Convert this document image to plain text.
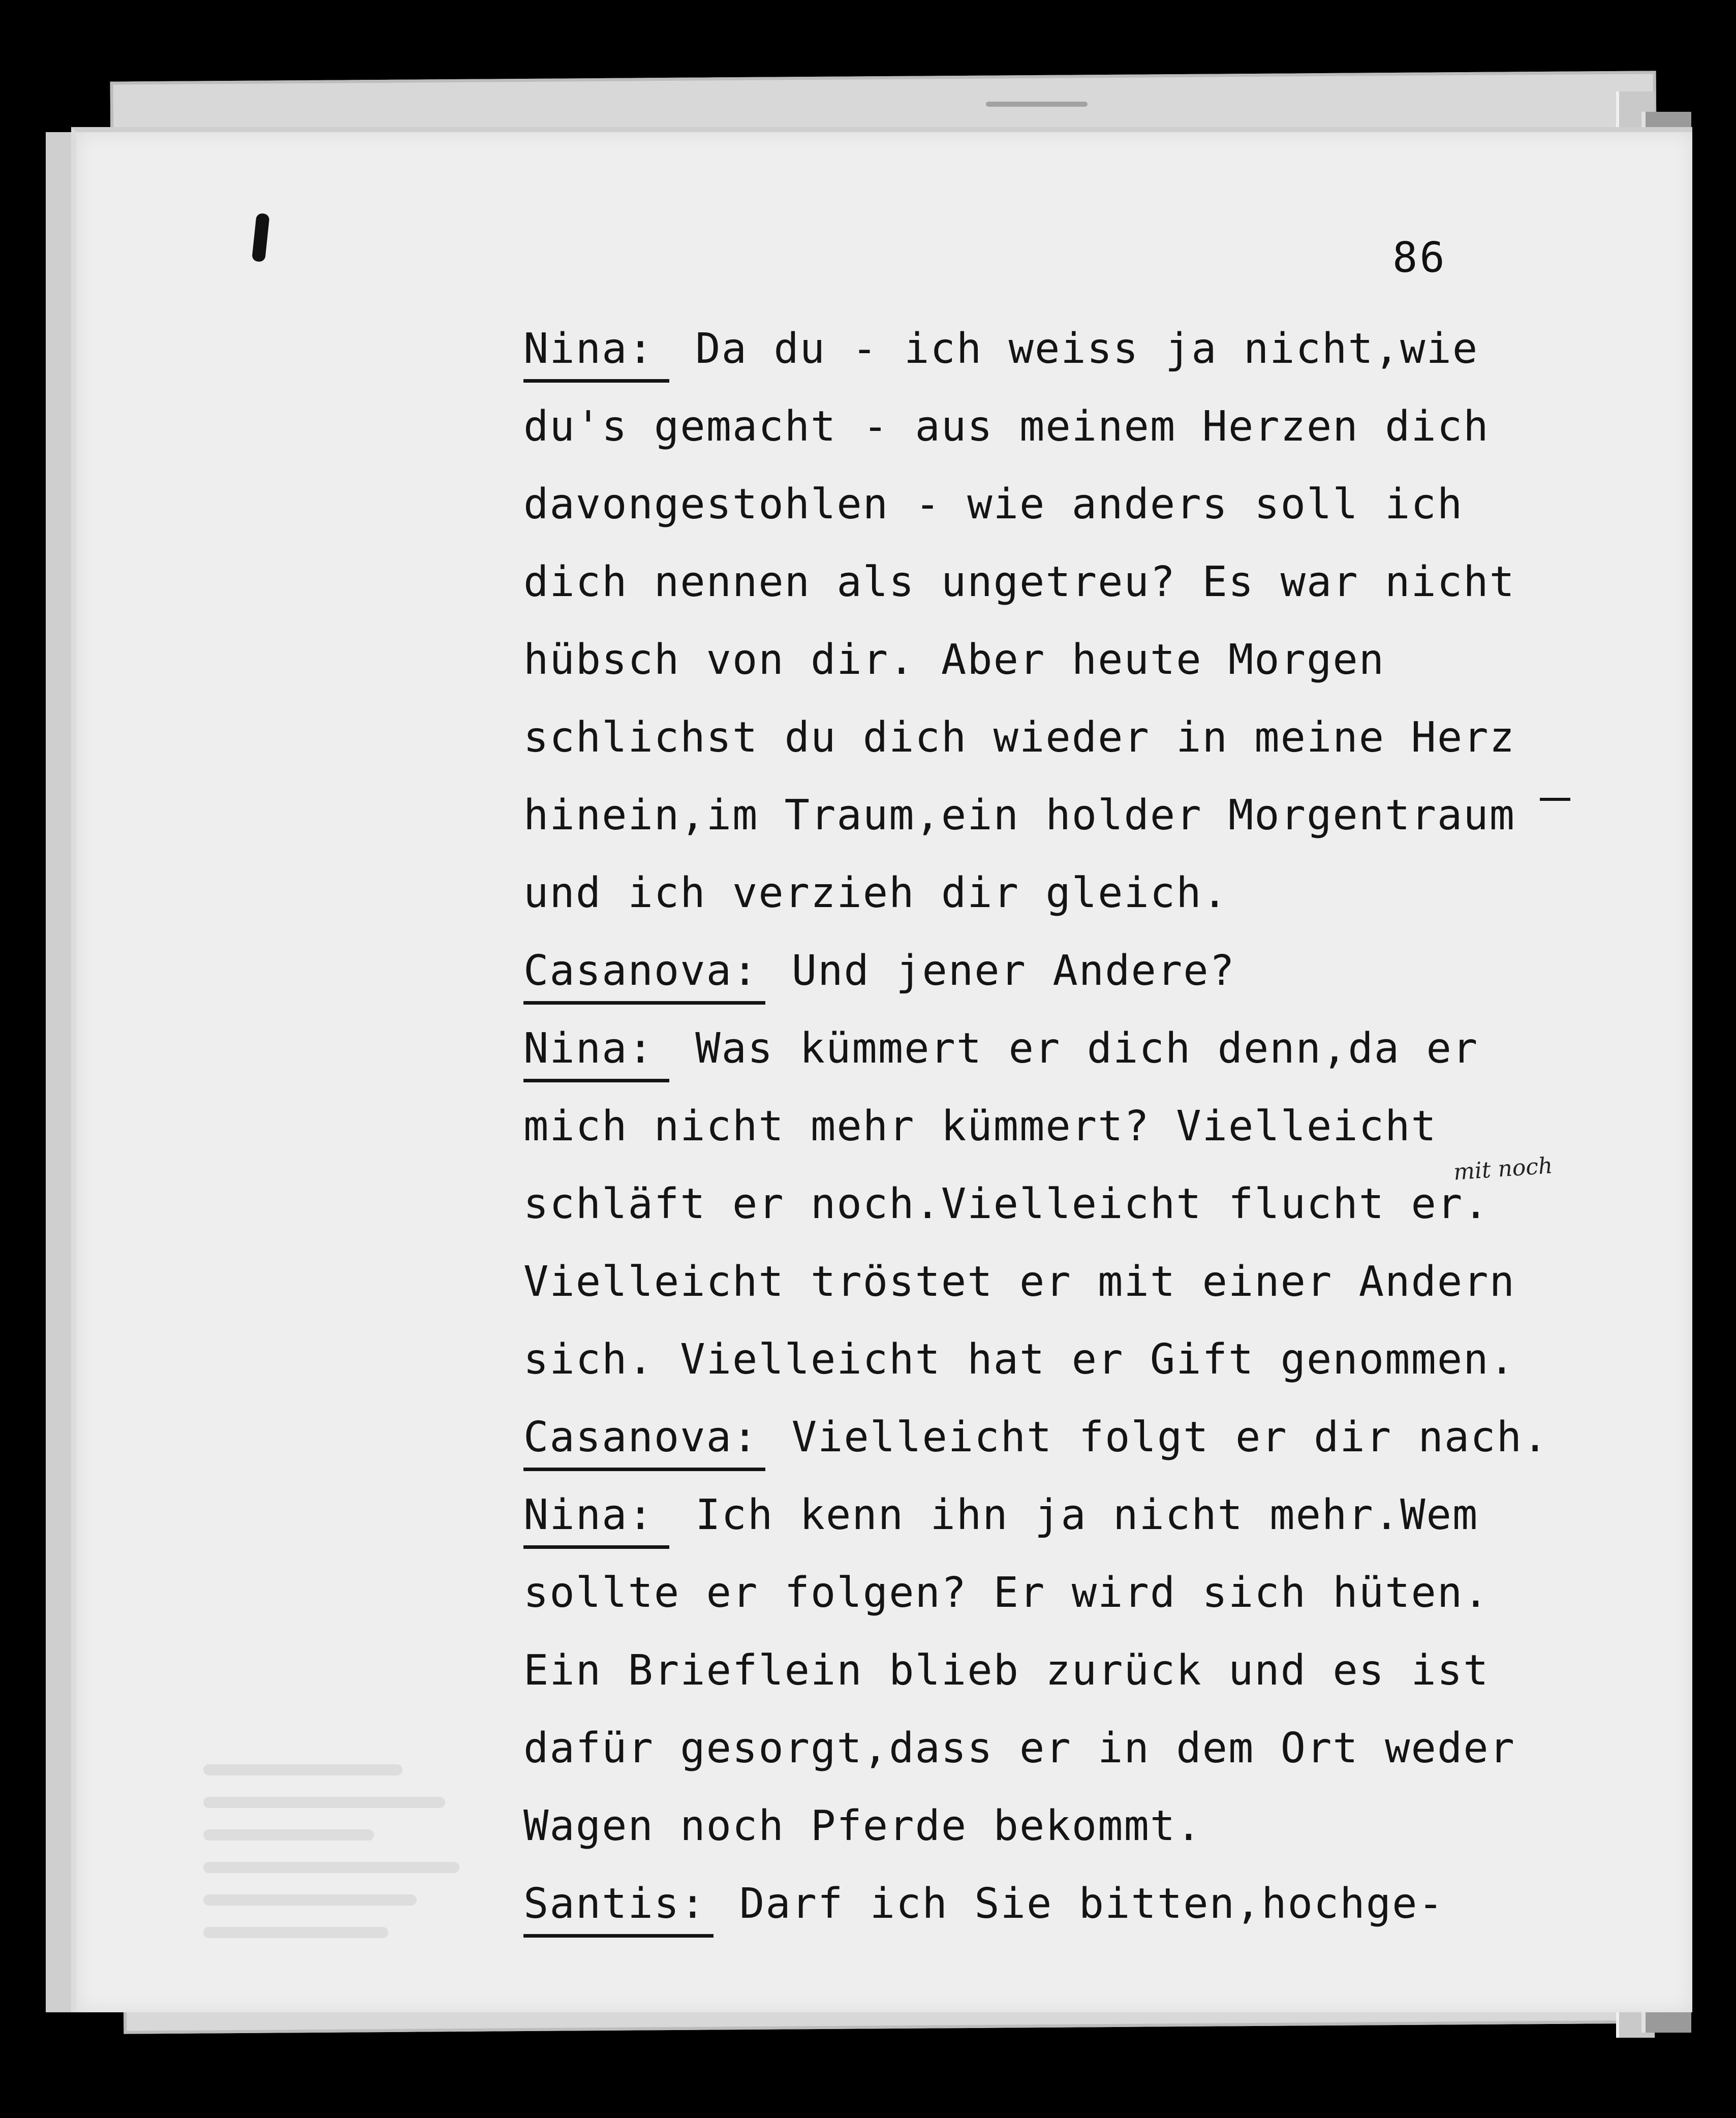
86
Nina: Da du - ich weiss ja nicht,wie
du's gemacht - aus meinem Herzen dich
davongestohlen - wie anders soll ich
dich nennen als ungetreu? Es war nicht
hübsch von dir. Aber heute Morgen
schlichst du dich wieder in meine Herz
hinein,im Traum,ein holder Morgentraum
und ich verzieh dir gleich.
Casanova: Und jener Andere?
Nina: Was kümmert er dich denn,da er
mich nicht mehr kümmert? Vielleicht
schläft er noch.Vielleicht flucht er.
Vielleicht tröstet er mit einer Andern
sich. Vielleicht hat er Gift genommen.
Casanova: Vielleicht folgt er dir nach.
Nina: Ich kenn ihn ja nicht mehr.Wem
sollte er folgen? Er wird sich hüten.
Ein Brieflein blieb zurück und es ist
dafür gesorgt,dass er in dem Ort weder
Wagen noch Pferde bekommt.
Santis: Darf ich Sie bitten,hochge-
mit noch
